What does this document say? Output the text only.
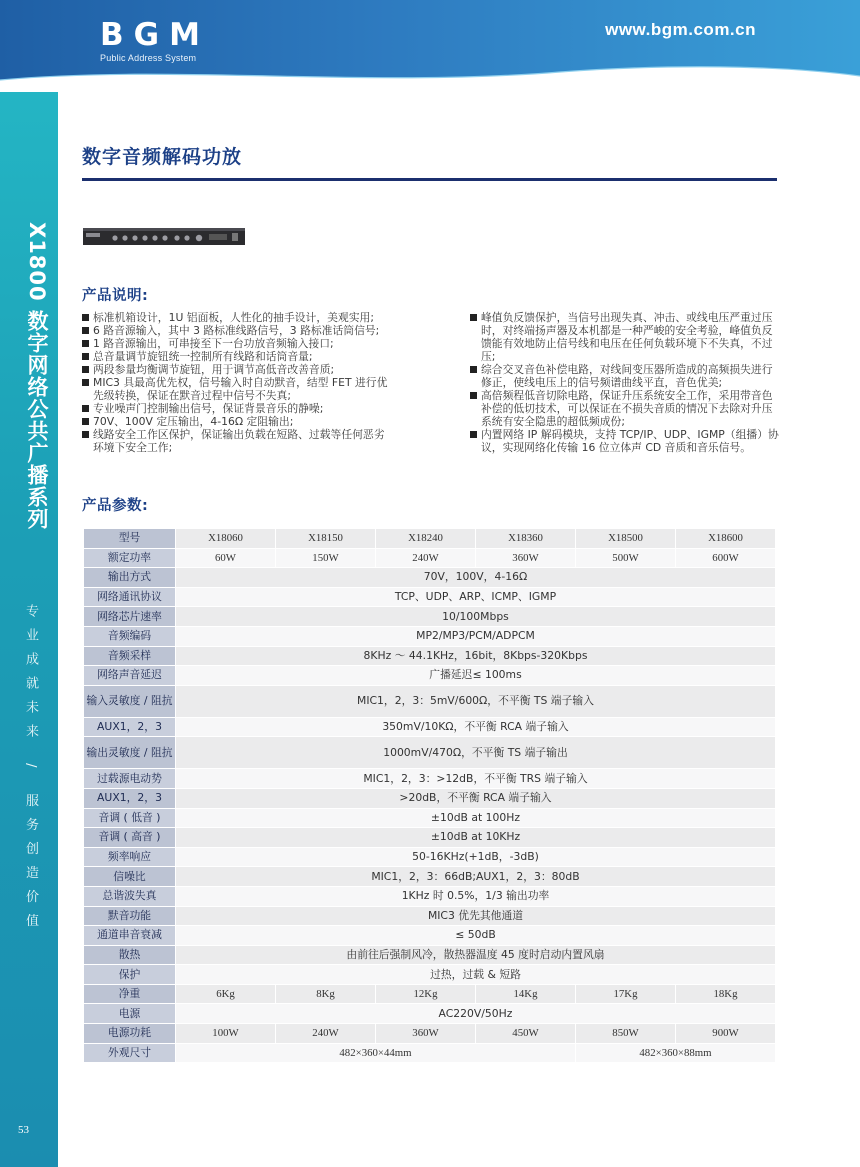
BGM
Public Address System
www.bgm.com.cn
X1800 数字网络公共广播系列
专业成就未来 / 服务创造价值
53
数字音频解码功放
产品说明:
标准机箱设计，1U 铝面板，人性化的抽手设计，美观实用;
6 路音源输入，其中 3 路标准线路信号，3 路标准话筒信号;
1 路音源输出，可串接至下一台功放音频输入接口;
总音量调节旋钮统一控制所有线路和话筒音量;
两段参量均衡调节旋钮，用于调节高低音改善音质;
MIC3 具最高优先权，信号输入时自动默音，结型 FET 进行优先级转换，保证在默音过程中信号不失真;
专业噪声门控制输出信号，保证背景音乐的静噪;
70V、100V 定压输出，4-16Ω 定阻输出;
线路安全工作区保护，保证输出负载在短路、过载等任何恶劣环境下安全工作;
峰值负反馈保护，当信号出现失真、冲击、或线电压严重过压时，对终端扬声器及本机都是一种严峻的安全考验，峰值负反馈能有效地防止信号线和电压在任何负载环境下不失真，不过压;
综合交叉音色补偿电路，对线间变压器所造成的高频损失进行修正，使线电压上的信号频谱曲线平直，音色优美;
高倍频程低音切除电路，保证升压系统安全工作，采用带音色补偿的低切技术，可以保证在不损失音质的情况下去除对升压系统有安全隐患的超低频成份;
内置网络 IP 解码模块，支持 TCP/IP、UDP、IGMP（组播）协议，实现网络化传输 16 位立体声 CD 音质和音乐信号。
产品参数:
型号	X18060	X18150	X18240	X18360	X18500	X18600
额定功率	60W	150W	240W	360W	500W	600W
输出方式	70V，100V，4-16Ω					
网络通讯协议	TCP、UDP、ARP、ICMP、IGMP					
网络芯片速率	10/100Mbps					
音频编码	MP2/MP3/PCM/ADPCM					
音频采样	8KHz ～ 44.1KHz，16bit，8Kbps-320Kbps					
网络声音延迟	广播延迟≤ 100ms					
输入灵敏度 / 阻抗	MIC1，2，3：5mV/600Ω，不平衡 TS 端子输入					
AUX1，2，3	350mV/10KΩ，不平衡 RCA 端子输入					
输出灵敏度 / 阻抗	1000mV/470Ω，不平衡 TS 端子输出					
过载源电动势	MIC1，2，3：>12dB，不平衡 TRS 端子输入					
AUX1，2，3	>20dB，不平衡 RCA 端子输入					
音调 ( 低音 )	±10dB at 100Hz					
音调 ( 高音 )	±10dB at 10KHz					
频率响应	50-16KHz(+1dB，-3dB)					
信噪比	MIC1，2，3：66dB;AUX1，2，3：80dB					
总谐波失真	1KHz 时 0.5%，1/3 输出功率					
默音功能	MIC3 优先其他通道					
通道串音衰减	≤ 50dB					
散热	由前往后强制风冷，散热器温度 45 度时启动内置风扇					
保护	过热，过载 & 短路					
净重	6Kg	8Kg	12Kg	14Kg	17Kg	18Kg
电源	AC220V/50Hz					
电源功耗	100W	240W	360W	450W	850W	900W
外观尺寸	482×360×44mm				482×360×88mm	
